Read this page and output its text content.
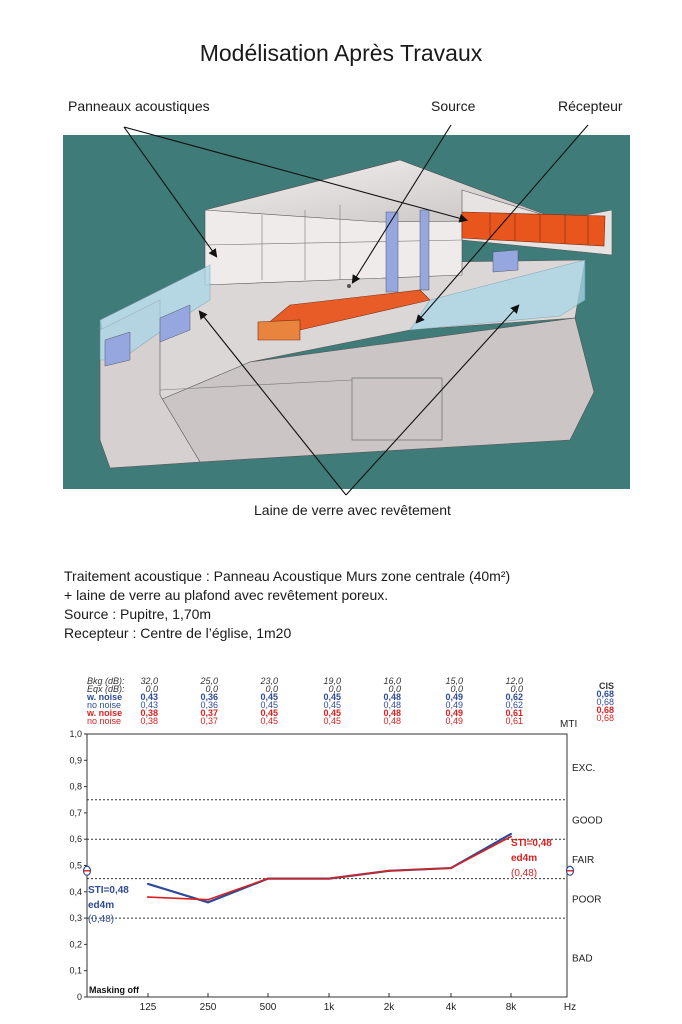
Modélisation Après Travaux
Panneaux acoustiques	Source	Récepteur
Laine de verre avec revêtement
Traitement acoustique : Panneau Acoustique Murs zone centrale (40m²)
+ laine de verre au plafond avec revêtement poreux.
Source : Pupitre, 1,70m
Recepteur : Centre de l’église, 1m20
Bkg (dB): 32,0	25,0	23,0	19,0	16,0	15,0	12,0
Eqx (dB): 0,0	0,0	0,0	0,0	0,0	0,0	0,0
w. noise 0,43	0,36	0,45	0,45	0,48	0,49	0,62
no noise 0,43	0,36	0,45	0,45	0,48	0,49	0,62
w. noise 0,38	0,37	0,45	0,45	0,48	0,49	0,61
no noise 0,38	0,37	0,45	0,45	0,48	0,49	0,61
CIS
0,68
0,68
0,68
0,68
MTI
EXC.
GOOD
FAIR
POOR
BAD
0
0,1
0,2
0,3
0,4
0,5
0,6
0,7
0,8
0,9
1,0
125	250	500	1k	2k	4k	8k	Hz
Masking off
STI=0,48
ed4m
(0,48)
STI=0,48
ed4m
(0,48)
